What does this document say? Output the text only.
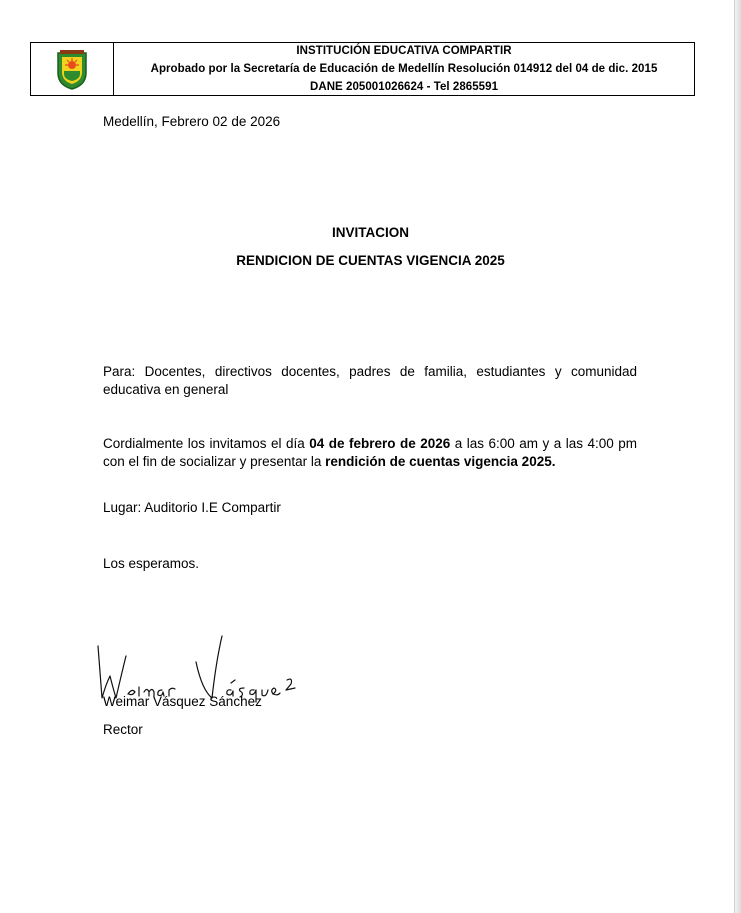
INSTITUCIÓN EDUCATIVA COMPARTIR
Aprobado por la Secretaría de Educación de Medellín Resolución 014912 del 04 de dic. 2015
DANE 205001026624 - Tel 2865591
Medellín, Febrero 02 de 2026
INVITACION
RENDICION DE CUENTAS VIGENCIA 2025
Para: Docentes, directivos docentes, padres de familia, estudiantes y comunidad educativa en general
Cordialmente los invitamos el día 04 de febrero de 2026 a las 6:00 am y a las 4:00 pm con el fin de socializar y presentar la rendición de cuentas vigencia 2025.
Lugar: Auditorio I.E Compartir
Los esperamos.
Weimar Vásquez Sánchez
Rector
